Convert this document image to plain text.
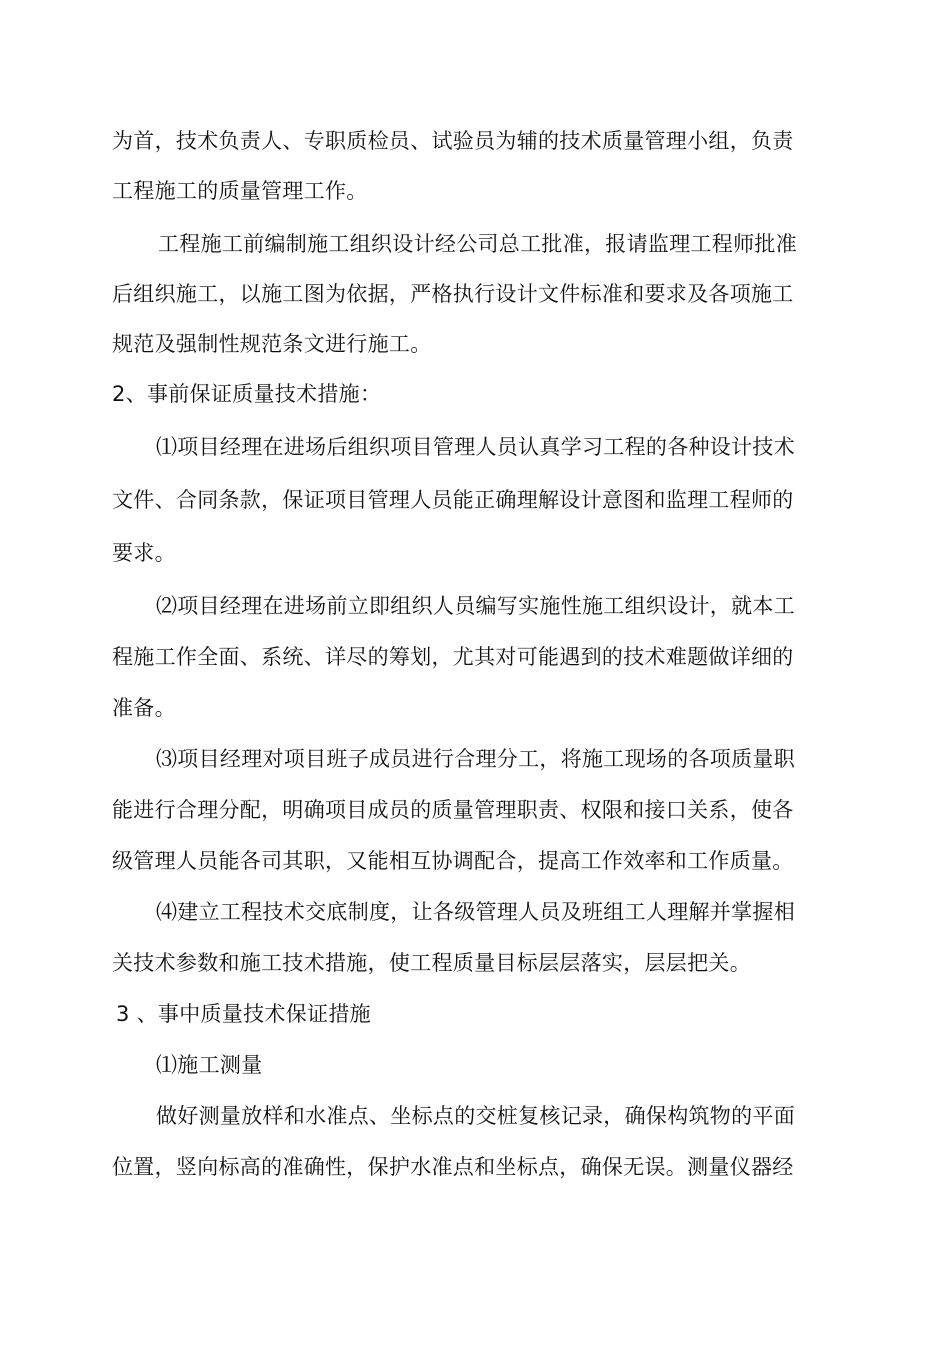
为首，技术负责人、专职质检员、试验员为辅的技术质量管理小组，负责
工程施工的质量管理工作。
工程施工前编制施工组织设计经公司总工批准，报请监理工程师批准
后组织施工，以施工图为依据，严格执行设计文件标准和要求及各项施工
规范及强制性规范条文进行施工。
2、事前保证质量技术措施：
⑴项目经理在进场后组织项目管理人员认真学习工程的各种设计技术
文件、合同条款，保证项目管理人员能正确理解设计意图和监理工程师的
要求。
⑵项目经理在进场前立即组织人员编写实施性施工组织设计，就本工
程施工作全面、系统、详尽的筹划，尤其对可能遇到的技术难题做详细的
准备。
⑶项目经理对项目班子成员进行合理分工，将施工现场的各项质量职
能进行合理分配，明确项目成员的质量管理职责、权限和接口关系，使各
级管理人员能各司其职，又能相互协调配合，提高工作效率和工作质量。
⑷建立工程技术交底制度，让各级管理人员及班组工人理解并掌握相
关技术参数和施工技术措施，使工程质量目标层层落实，层层把关。
3 、事中质量技术保证措施
⑴施工测量
做好测量放样和水准点、坐标点的交桩复核记录，确保构筑物的平面
位置，竖向标高的准确性，保护水准点和坐标点，确保无误。测量仪器经
